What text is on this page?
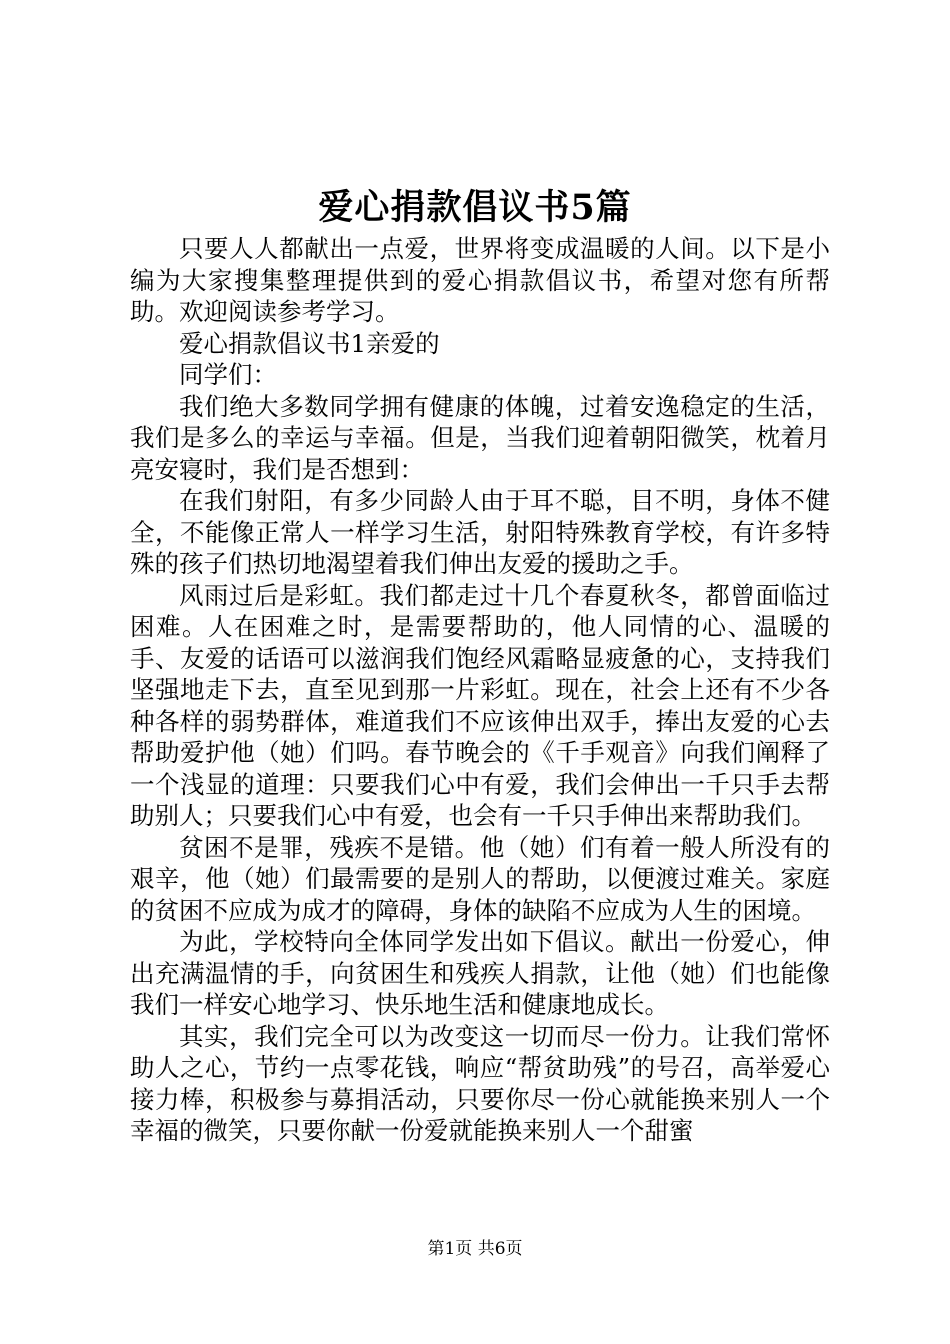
爱心捐款倡议书5篇

只要人人都献出一点爱，世界将变成温暖的人间。以下是小编为大家搜集整理提供到的爱心捐款倡议书，希望对您有所帮助。欢迎阅读参考学习。

爱心捐款倡议书1亲爱的

同学们：

我们绝大多数同学拥有健康的体魄，过着安逸稳定的生活，我们是多么的幸运与幸福。但是，当我们迎着朝阳微笑，枕着月亮安寝时，我们是否想到：

在我们射阳，有多少同龄人由于耳不聪，目不明，身体不健全，不能像正常人一样学习生活，射阳特殊教育学校，有许多特殊的孩子们热切地渴望着我们伸出友爱的援助之手。

风雨过后是彩虹。我们都走过十几个春夏秋冬，都曾面临过困难。人在困难之时，是需要帮助的，他人同情的心、温暖的手、友爱的话语可以滋润我们饱经风霜略显疲惫的心，支持我们坚强地走下去，直至见到那一片彩虹。现在，社会上还有不少各种各样的弱势群体，难道我们不应该伸出双手，捧出友爱的心去帮助爱护他（她）们吗。春节晚会的《千手观音》向我们阐释了一个浅显的道理：只要我们心中有爱，我们会伸出一千只手去帮助别人；只要我们心中有爱，也会有一千只手伸出来帮助我们。

贫困不是罪，残疾不是错。他（她）们有着一般人所没有的艰辛，他（她）们最需要的是别人的帮助，以便渡过难关。家庭的贫困不应成为成才的障碍，身体的缺陷不应成为人生的困境。

为此，学校特向全体同学发出如下倡议。献出一份爱心，伸出充满温情的手，向贫困生和残疾人捐款，让他（她）们也能像我们一样安心地学习、快乐地生活和健康地成长。

其实，我们完全可以为改变这一切而尽一份力。让我们常怀助人之心，节约一点零花钱，响应“帮贫助残”的号召，高举爱心接力棒，积极参与募捐活动，只要你尽一份心就能换来别人一个幸福的微笑，只要你献一份爱就能换来别人一个甜蜜

第1页 共6页
